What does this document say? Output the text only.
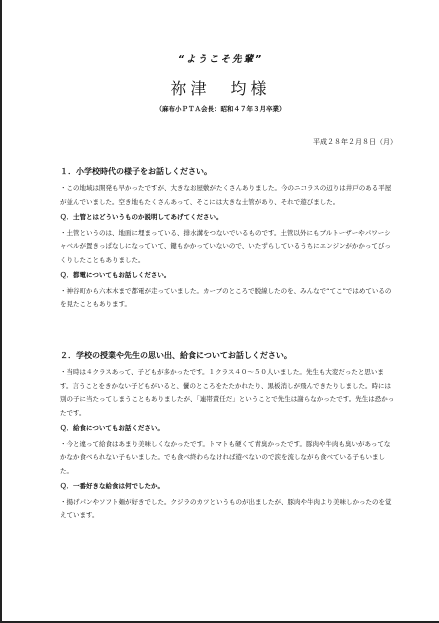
“ようこそ先輩”
祢津　均様
（麻布小ＰＴＡ会長：昭和４７年３月卒業）
平成２８年２月８日（月）
１．小学校時代の様子をお話しください。

・この地域は開発も早かったですが、大きなお屋敷がたくさんありました。今のニコラスの辺りは井戸のある平屋が並んでいました。空き地もたくさんあって、そこには大きな土管があり、それで遊びました。

Ｑ．土管とはどういうものか説明してあげてください。

・土管というのは、地面に埋まっている、排水溝をつないでいるものです。土管以外にもブルトーザーやパワーシャベルが置きっぱなしになっていて、鍵もかかっていないので、いたずらしているうちにエンジンがかかってびっくりしたこともありました。

Ｑ．都電についてもお話しください。

・神谷町から六本木まで都電が走っていました。カーブのところで脱線したのを、みんなで“てこ”ではめているのを見たこともあります。

２．学校の授業や先生の思い出、給食についてお話しください。

・当時は４クラスあって、子どもが多かったです。１クラス４０～５０人いました。先生も大変だったと思います。言うことをきかない子どもがいると、鬢のところをたたかれたり、黒板消しが飛んできたりしました。時には別の子に当たってしまうこともありましたが、「連帯責任だ」ということで先生は謝らなかったです。先生は恐かったです。

Ｑ．給食についてもお話ください。

・今と違って給食はあまり美味しくなかったです。トマトも硬くて青臭かったです。豚肉や牛肉も臭いがあってなかなか食べられない子もいました。でも食べ終わらなければ遊べないので涙を流しながら食べている子もいました。

Ｑ．一番好きな給食は何でしたか。

・揚げパンやソフト麺が好きでした。クジラのカツというものが出ましたが、豚肉や牛肉より美味しかったのを覚えています。
